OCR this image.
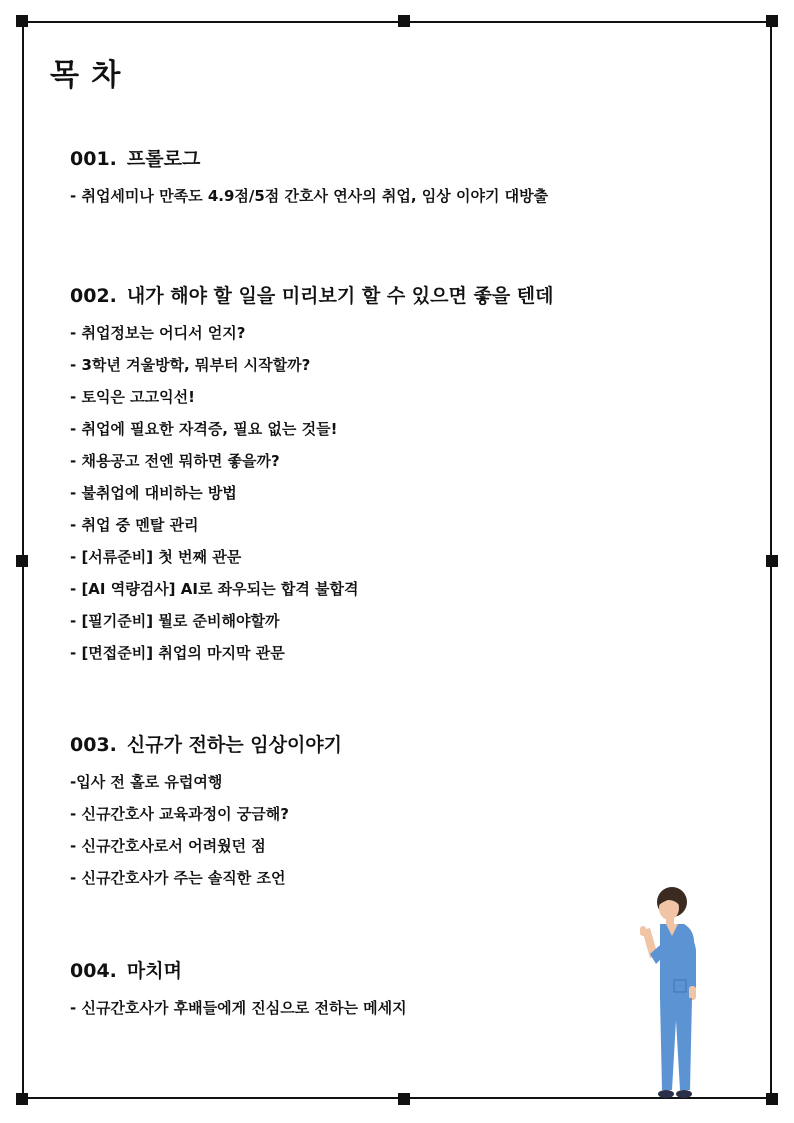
목 차
001. 프롤로그
- 취업세미나 만족도 4.9점/5점 간호사 연사의 취업, 임상 이야기 대방출
002. 내가 해야 할 일을 미리보기 할 수 있으면 좋을 텐데
- 취업정보는 어디서 얻지?
- 3학년 겨울방학, 뭐부터 시작할까?
- 토익은 고고익선!
- 취업에 필요한 자격증, 필요 없는 것들!
- 채용공고 전엔 뭐하면 좋을까?
- 불취업에 대비하는 방법
- 취업 중 멘탈 관리
- [서류준비] 첫 번째 관문
- [AI 역량검사] AI로 좌우되는 합격 불합격
- [필기준비] 뭘로 준비해야할까
- [면접준비] 취업의 마지막 관문
003. 신규가 전하는 임상이야기
-입사 전 홀로 유럽여행
- 신규간호사 교육과정이 궁금해?
- 신규간호사로서 어려웠던 점
- 신규간호사가 주는 솔직한 조언
004. 마치며
- 신규간호사가 후배들에게 진심으로 전하는 메세지
